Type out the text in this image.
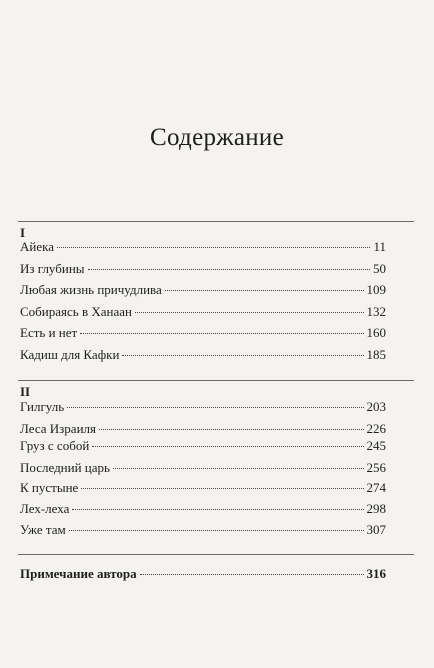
Содержание
I
Айека	11
Из глубины	50
Любая жизнь причудлива	109
Собираясь в Ханаан	132
Есть и нет	160
Кадиш для Кафки	185
II
Гилгуль	203
Леса Израиля	226
Груз с собой	245
Последний царь	256
К пустыне	274
Лех-леха	298
Уже там	307
Примечание автора	316
